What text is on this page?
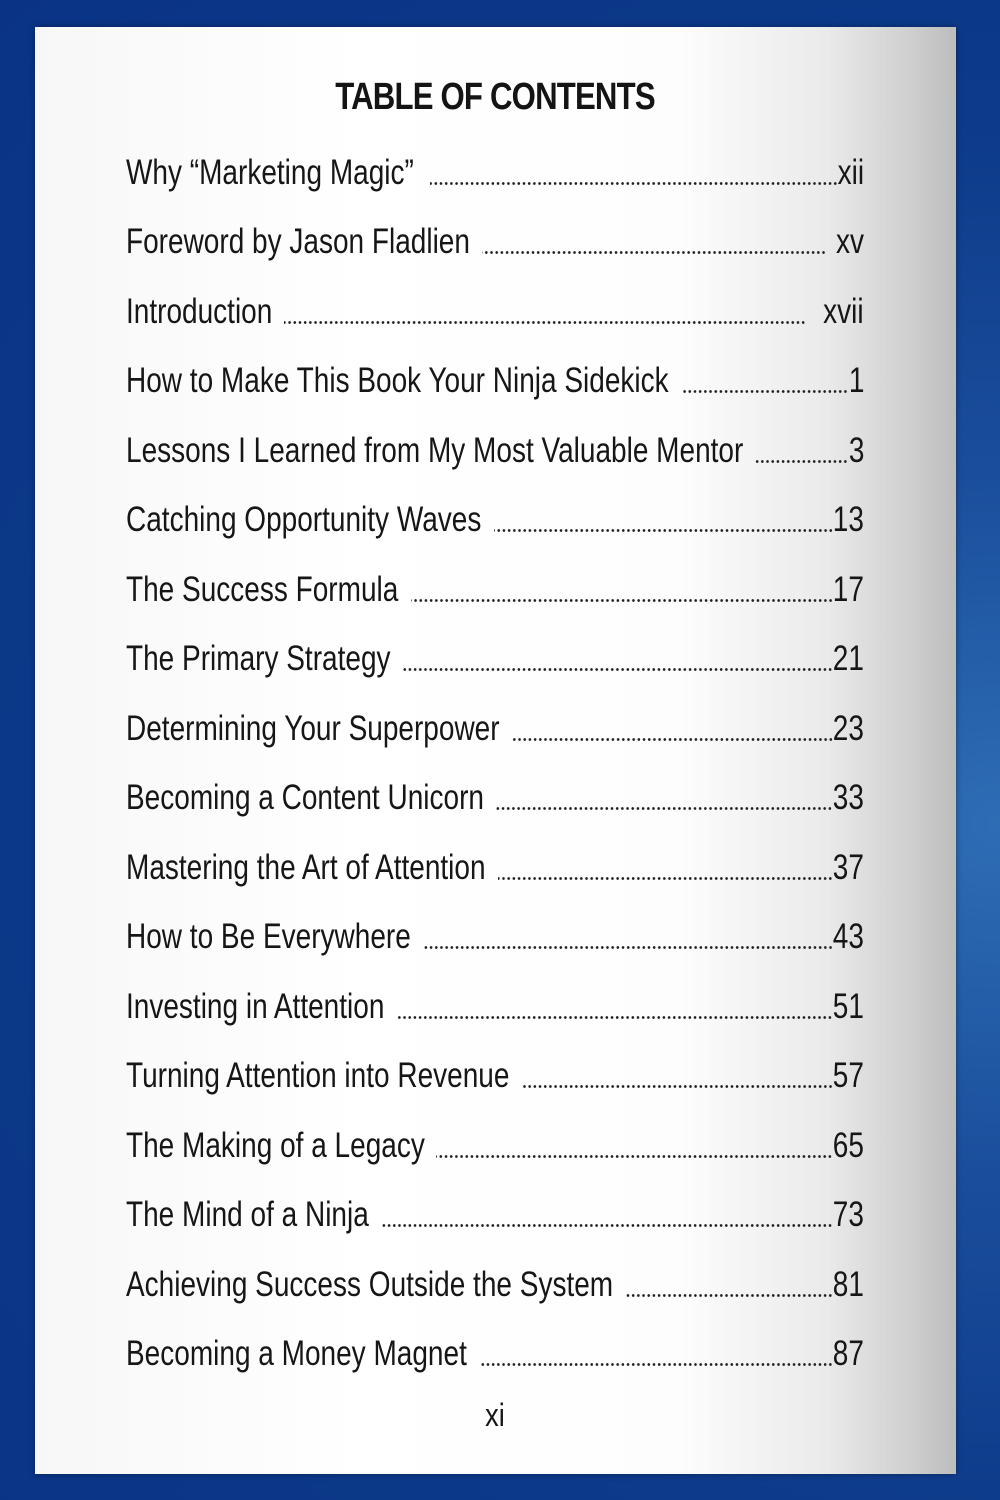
TABLE OF CONTENTS
Why “Marketing Magic”	xii
Foreword by Jason Fladlien	xv
Introduction	xvii
How to Make This Book Your Ninja Sidekick	1
Lessons I Learned from My Most Valuable Mentor	3
Catching Opportunity Waves	13
The Success Formula	17
The Primary Strategy	21
Determining Your Superpower	23
Becoming a Content Unicorn	33
Mastering the Art of Attention	37
How to Be Everywhere	43
Investing in Attention	51
Turning Attention into Revenue	57
The Making of a Legacy	65
The Mind of a Ninja	73
Achieving Success Outside the System	81
Becoming a Money Magnet	87
xi
